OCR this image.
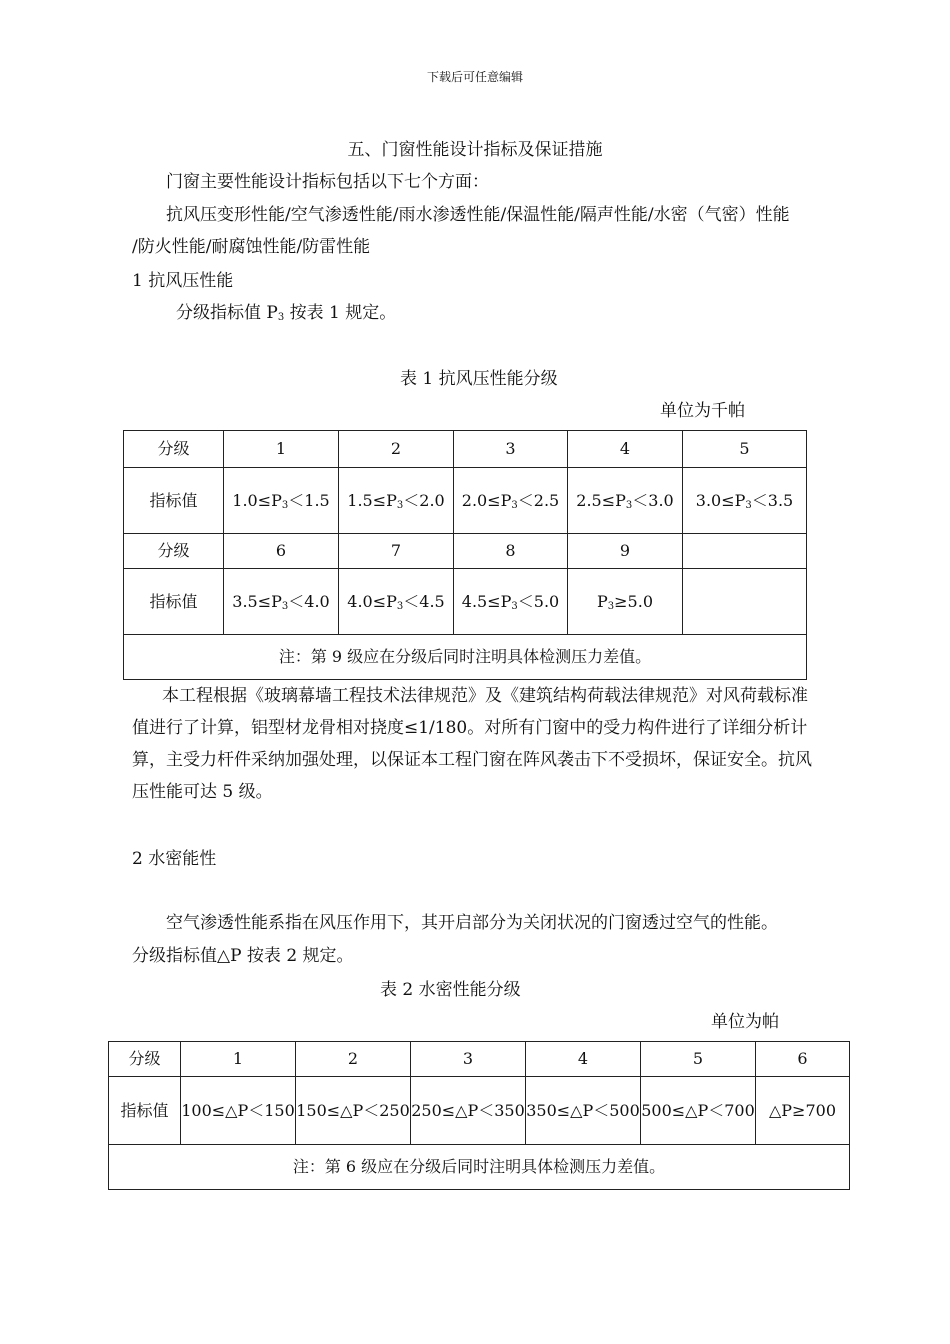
下载后可任意编辑
五、门窗性能设计指标及保证措施
门窗主要性能设计指标包括以下七个方面：
抗风压变形性能/空气渗透性能/雨水渗透性能/保温性能/隔声性能/水密（气密）性能
/防火性能/耐腐蚀性能/防雷性能
1 抗风压性能
分级指标值 $P_3$ 按表 1 规定。
表 1 抗风压性能分级
单位为千帕
分级	1	2	3	4	5
指标值	$1.0\le P_3<1.5$	$1.5\le P_3<2.0$	$2.0\le P_3<2.5$	$2.5\le P_3<3.0$	$3.0\le P_3<3.5$
分级	6	7	8	9	
指标值	$3.5\le P_3<4.0$	$4.0\le P_3<4.5$	$4.5\le P_3<5.0$	$P_3\ge 5.0$	
注：第 9 级应在分级后同时注明具体检测压力差值。					
本工程根据《玻璃幕墙工程技术法律规范》及《建筑结构荷载法律规范》对风荷载标准
值进行了计算，铝型材龙骨相对挠度≤1/180。对所有门窗中的受力构件进行了详细分析计
算，主受力杆件采纳加强处理，以保证本工程门窗在阵风袭击下不受损坏，保证安全。抗风
压性能可达 5 级。
2 水密能性
空气渗透性能系指在风压作用下，其开启部分为关闭状况的门窗透过空气的性能。
分级指标值△P 按表 2 规定。
表 2 水密性能分级
单位为帕
分级	1	2	3	4	5	6
指标值	100≤△P＜150	150≤△P＜250	250≤△P＜350	350≤△P＜500	500≤△P＜700	△P≥700
注：第 6 级应在分级后同时注明具体检测压力差值。						
